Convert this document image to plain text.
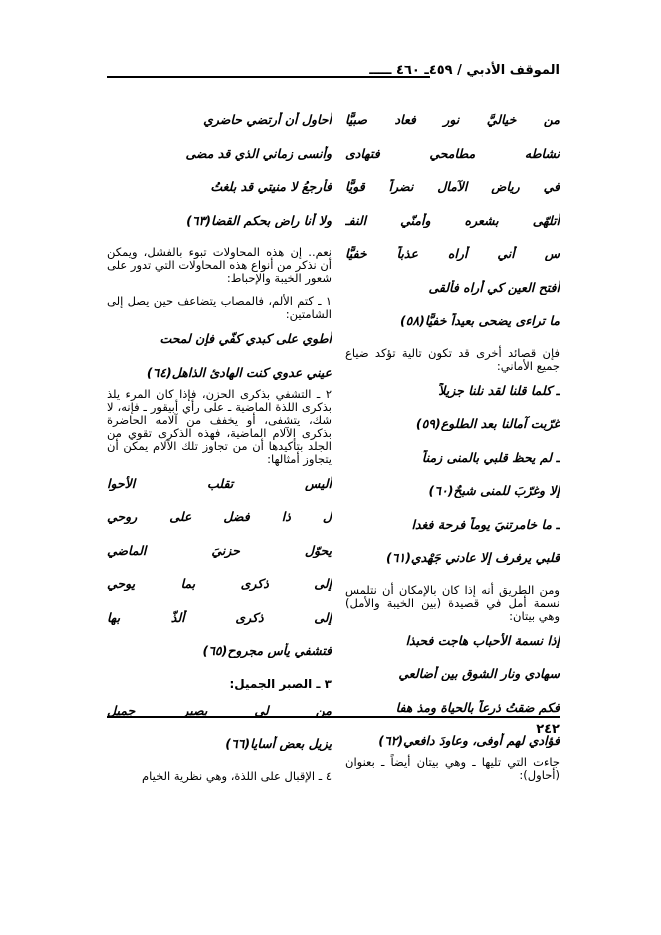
الموقف الأدبي / ٤٥٩ـ ٤٦٠ ـــــ
من خياليَّ نور فعاد صبيًّا
نشاطه مطامحي فتهادى
في رياض الآمال نضراً قويًّا
أتلهّى بشعره وأمنّي النفـ
س أني أراه عذباً خفيًّا
أفتح العين كي أراه فألقى
ما تراءى يضحى بعيداً خفيًّا(٥٨)
فإن قصائد أخرى قد تكون تالية تؤكد ضياع جميع الأماني:
ـ كلما قلنا لقد نلنا جزيلاً
غرّبت آمالنا بعد الطلوع(٥٩)
ـ لم يحظ قلبي بالمنى زمناً
إلا وغرّبَ للمنى شبحٌ(٦٠)
ـ ما خامرتنيَ يوماً فرحة فغدا
قلبي يرفرف إلا عادني جَهْدي(٦١)
ومن الطريق أنه إذا كان بالإمكان أن نتلمس نسمة أمل في قصيدة (بين الخيبة والأمل) وهي بيتان:
إذا نسمة الأحباب هاجت فحبذا
سهادي ونار الشوق بين أضالعي
فكم ضقتُ ذرعاً بالحياة ومذ هفا
فؤادي لهم أوفى، وعاودَ دافعي(٦٢)
جاءت التي تليها ـ وهي بيتان أيضاً ـ بعنوان (أحاول):
أحاول أن أرتضي حاضري
وأنسى زماني الذي قد مضى
فأرجعُ لا منيتي قد بلغتُ
ولا أنا راضٍ بحكم القضا(٦٣)
نعم.. إن هذه المحاولات تبوء بالفشل، ويمكن أن نذكر من أنواع هذه المحاولات التي تدور على شعور الخيبة والإحباط:
١ ـ كتم الألم، فالمصاب يتضاعف حين يصل إلى الشامتين:
أطوي على كبدي كفّي فإن لمحت
عيني عدوي كنت الهادئ الذاهل(٦٤)
٢ ـ التشفي بذكرى الحزن، فإذا كان المرء يلذ بذكرى اللذة الماضية ـ على رأي أبيقور ـ فإنه، لا شك، يتشفى، أو يخفف من آلامه الحاضرة بذكرى الآلام الماضية، فهذه الذكرى تقوي من الجلد بتأكيدها أن من تجاوز تلك الآلام يمكن أن يتجاوز أمثالها:
أليس تقلب الأحوا
ل ذا فضل على روحي
يحوّل حزنيَ الماضي
إلى ذكرى بما يوحي
إلى ذكرى ألذّ بها
فتشفي يأس مجروح(٦٥)
٣ ـ الصبر الجميل:
من لي بصبر جميلٍ
يزيل بعض أسايا(٦٦)
٤ ـ الإقبال على اللذة، وهي نظرية الخيام
٢٤٢
